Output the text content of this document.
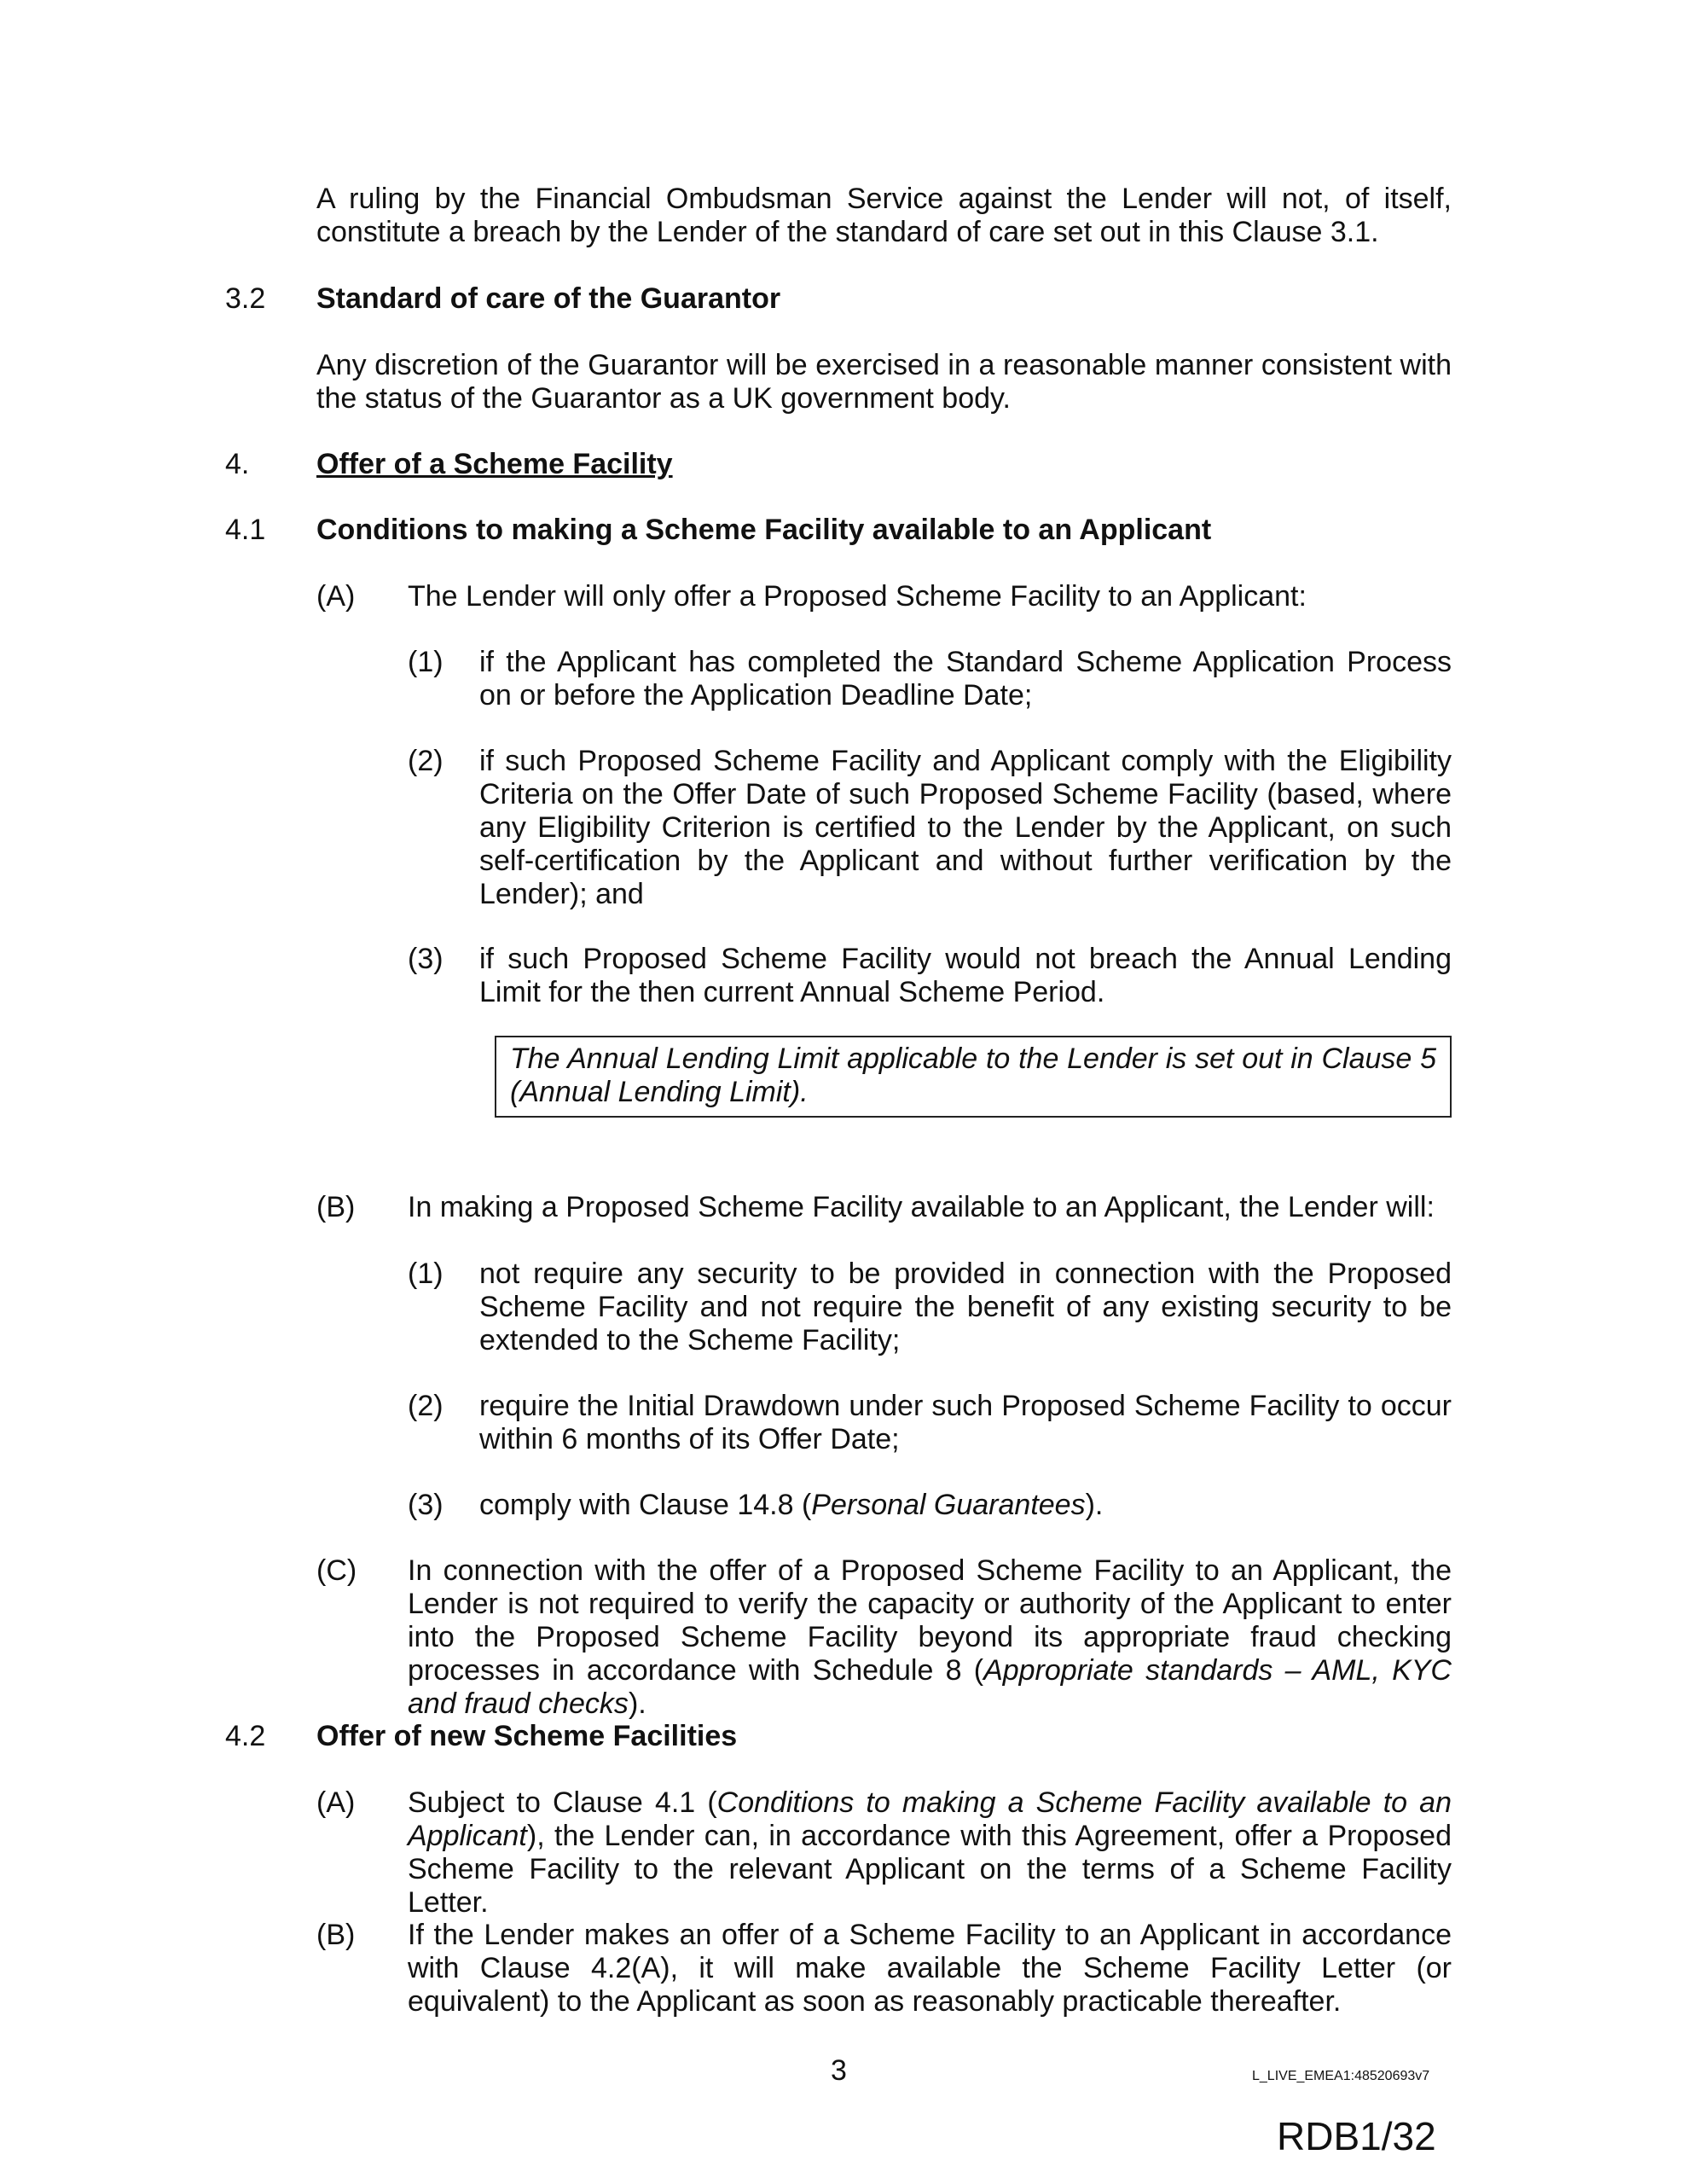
A ruling by the Financial Ombudsman Service against the Lender will not, of itself, constitute a breach by the Lender of the standard of care set out in this Clause 3.1.

3.2 Standard of care of the Guarantor

Any discretion of the Guarantor will be exercised in a reasonable manner consistent with the status of the Guarantor as a UK government body.

4. Offer of a Scheme Facility
4.1 Conditions to making a Scheme Facility available to an Applicant
(A) The Lender will only offer a Proposed Scheme Facility to an Applicant:

(1) if the Applicant has completed the Standard Scheme Application Process on or before the Application Deadline Date;

(2) if such Proposed Scheme Facility and Applicant comply with the Eligibility Criteria on the Offer Date of such Proposed Scheme Facility (based, where any Eligibility Criterion is certified to the Lender by the Applicant, on such self-certification by the Applicant and without further verification by the Lender); and

(3) if such Proposed Scheme Facility would not breach the Annual Lending Limit for the then current Annual Scheme Period.

The Annual Lending Limit applicable to the Lender is set out in Clause 5 (Annual Lending Limit).

(B) In making a Proposed Scheme Facility available to an Applicant, the Lender will:

(1) not require any security to be provided in connection with the Proposed Scheme Facility and not require the benefit of any existing security to be extended to the Scheme Facility;

(2) require the Initial Drawdown under such Proposed Scheme Facility to occur within 6 months of its Offer Date;

(3) comply with Clause 14.8 (Personal Guarantees).

(C) In connection with the offer of a Proposed Scheme Facility to an Applicant, the Lender is not required to verify the capacity or authority of the Applicant to enter into the Proposed Scheme Facility beyond its appropriate fraud checking processes in accordance with Schedule 8 (Appropriate standards – AML, KYC and fraud checks).

4.2 Offer of new Scheme Facilities
(A) Subject to Clause 4.1 (Conditions to making a Scheme Facility available to an Applicant), the Lender can, in accordance with this Agreement, offer a Proposed Scheme Facility to the relevant Applicant on the terms of a Scheme Facility Letter.

(B) If the Lender makes an offer of a Scheme Facility to an Applicant in accordance with Clause 4.2(A), it will make available the Scheme Facility Letter (or equivalent) to the Applicant as soon as reasonably practicable thereafter.

3	L_LIVE_EMEA1:48520693v7
RDB1/32
